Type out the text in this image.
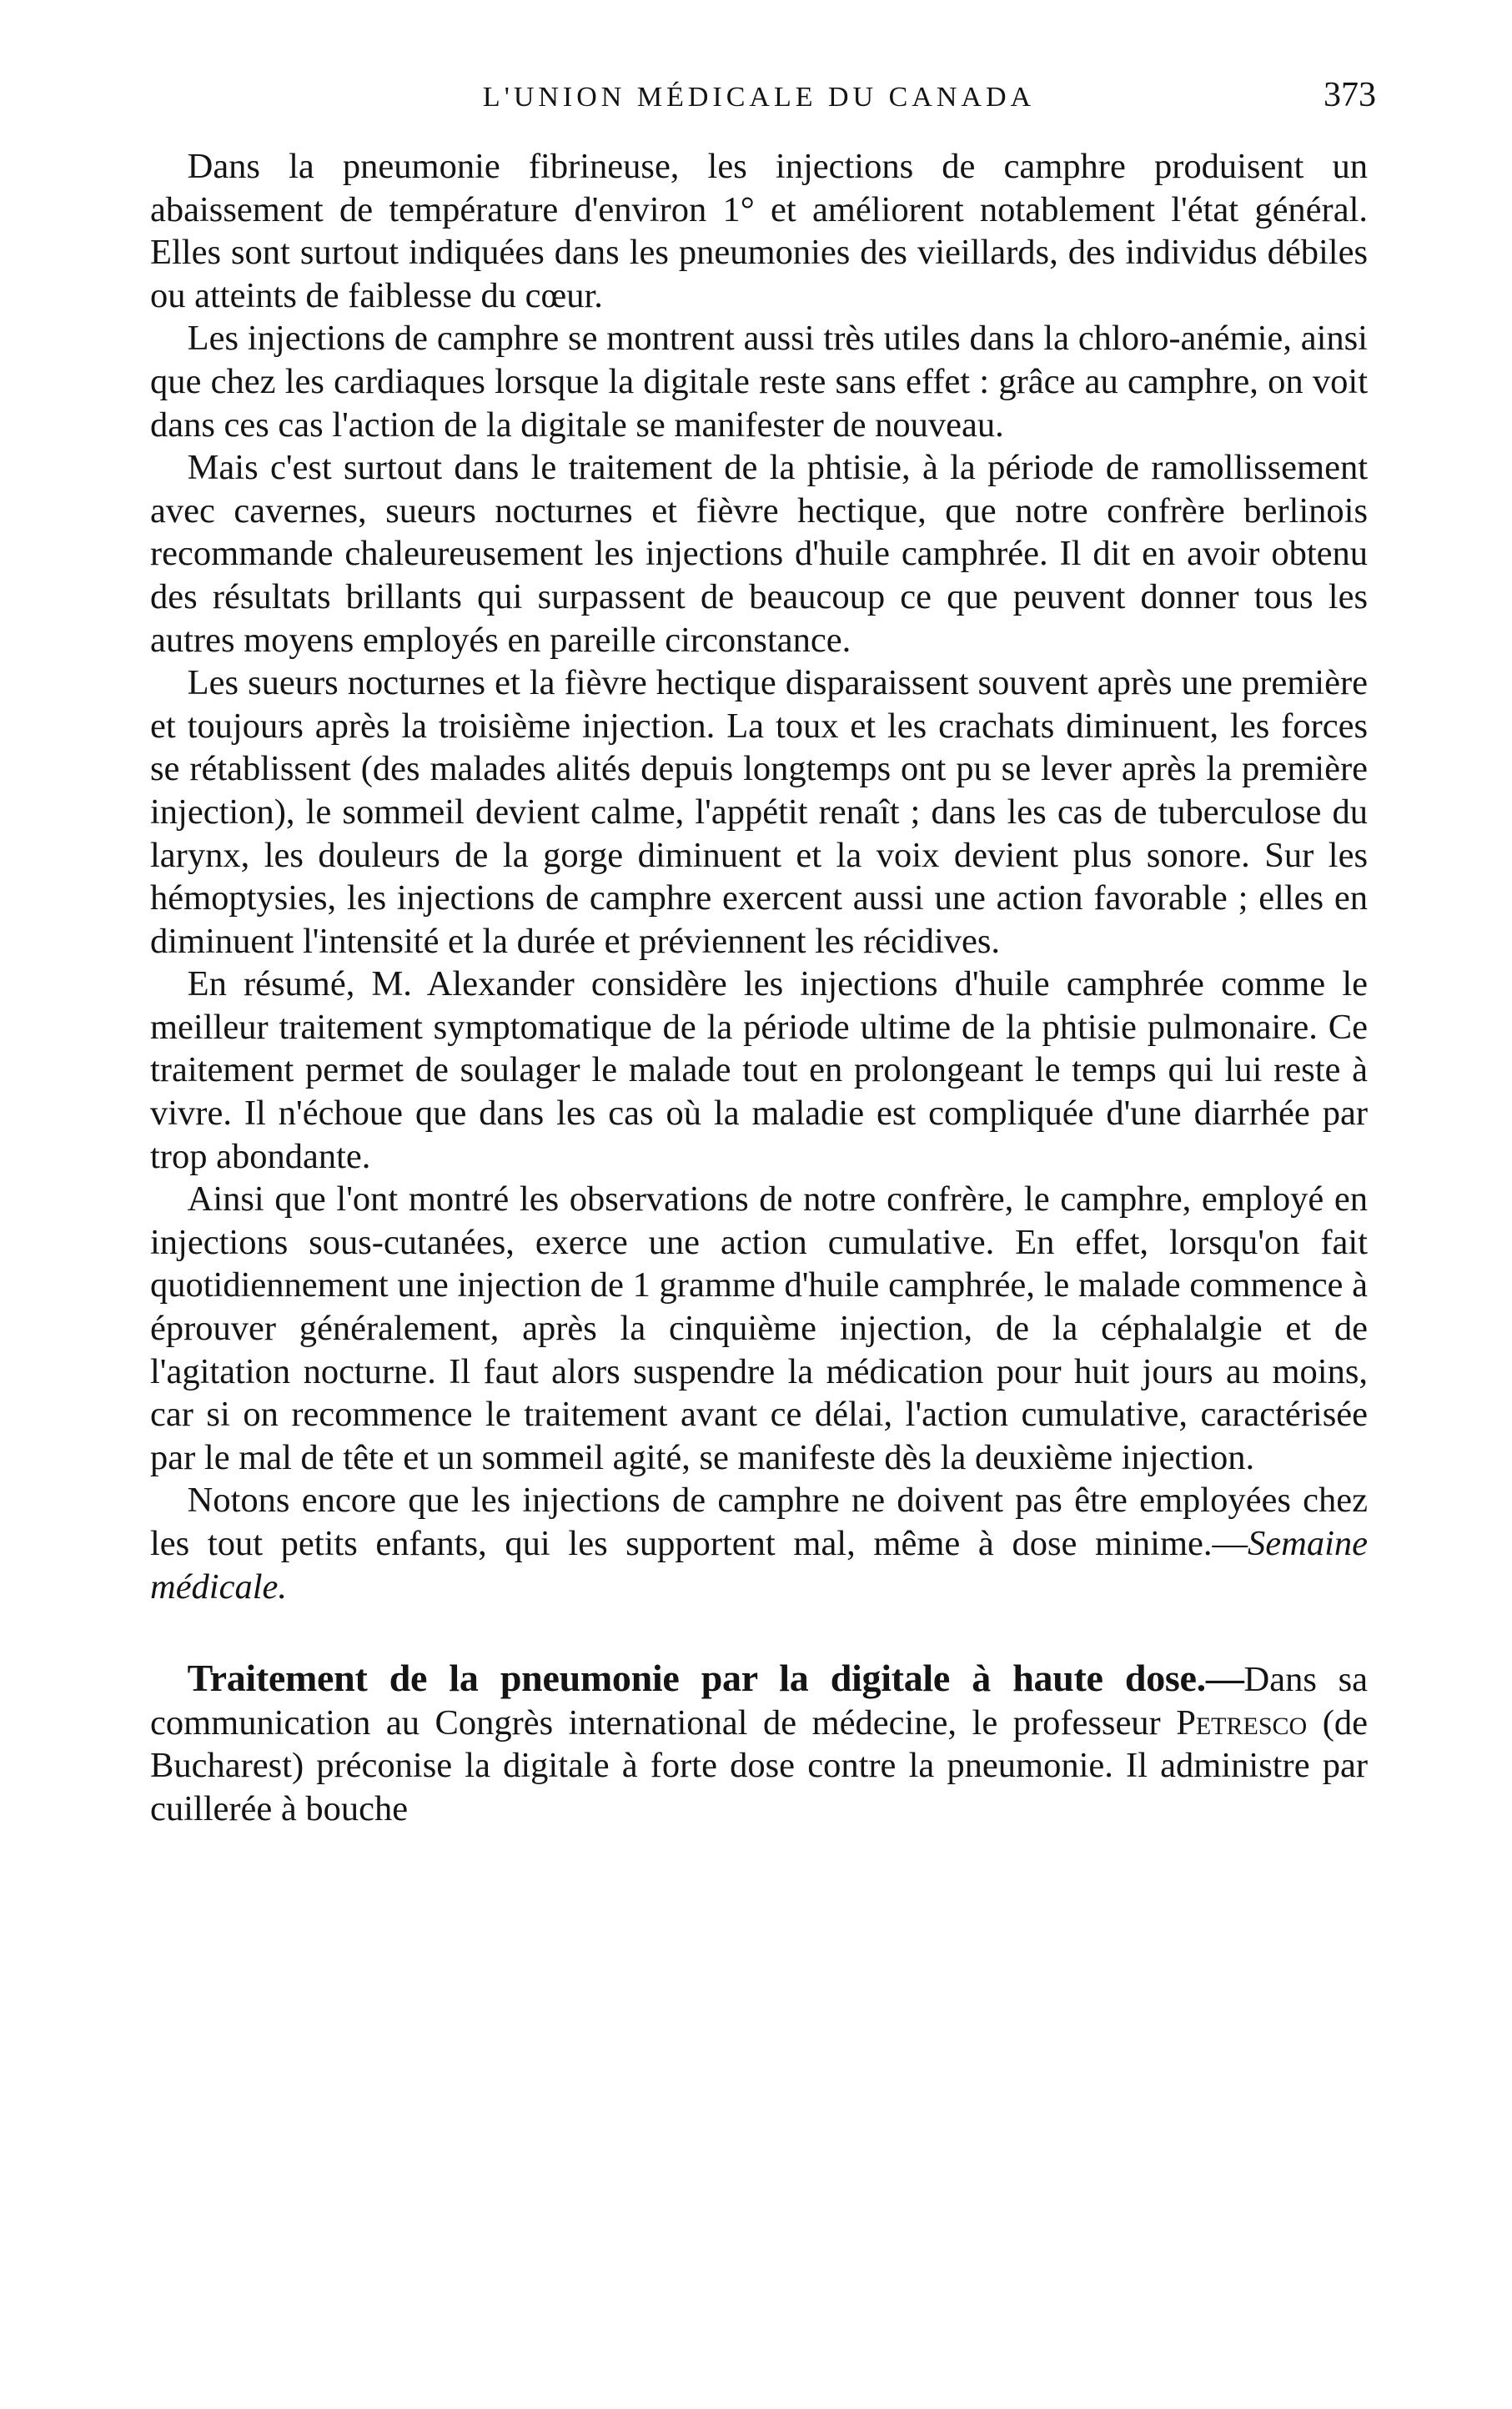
L'UNION MÉDICALE DU CANADA	373

Dans la pneumonie fibrineuse, les injections de camphre produisent un abaissement de température d'environ 1° et améliorent notablement l'état général. Elles sont surtout indiquées dans les pneumonies des vieillards, des individus débiles ou atteints de faiblesse du cœur.

Les injections de camphre se montrent aussi très utiles dans la chloro-anémie, ainsi que chez les cardiaques lorsque la digitale reste sans effet : grâce au camphre, on voit dans ces cas l'action de la digitale se manifester de nouveau.

Mais c'est surtout dans le traitement de la phtisie, à la période de ramollissement avec cavernes, sueurs nocturnes et fièvre hectique, que notre confrère berlinois recommande chaleureusement les injections d'huile camphrée. Il dit en avoir obtenu des résultats brillants qui surpassent de beaucoup ce que peuvent donner tous les autres moyens employés en pareille circonstance.

Les sueurs nocturnes et la fièvre hectique disparaissent souvent après une première et toujours après la troisième injection. La toux et les crachats diminuent, les forces se rétablissent (des malades alités depuis longtemps ont pu se lever après la première injection), le sommeil devient calme, l'appétit renaît ; dans les cas de tuberculose du larynx, les douleurs de la gorge diminuent et la voix devient plus sonore. Sur les hémoptysies, les injections de camphre exercent aussi une action favorable ; elles en diminuent l'intensité et la durée et préviennent les récidives.

En résumé, M. Alexander considère les injections d'huile camphrée comme le meilleur traitement symptomatique de la période ultime de la phtisie pulmonaire. Ce traitement permet de soulager le malade tout en prolongeant le temps qui lui reste à vivre. Il n'échoue que dans les cas où la maladie est compliquée d'une diarrhée par trop abondante.

Ainsi que l'ont montré les observations de notre confrère, le camphre, employé en injections sous-cutanées, exerce une action cumulative. En effet, lorsqu'on fait quotidiennement une injection de 1 gramme d'huile camphrée, le malade commence à éprouver généralement, après la cinquième injection, de la céphalalgie et de l'agitation nocturne. Il faut alors suspendre la médication pour huit jours au moins, car si on recommence le traitement avant ce délai, l'action cumulative, caractérisée par le mal de tête et un sommeil agité, se manifeste dès la deuxième injection.

Notons encore que les injections de camphre ne doivent pas être employées chez les tout petits enfants, qui les supportent mal, même à dose minime.—Semaine médicale.

Traitement de la pneumonie par la digitale à haute dose.—Dans sa communication au Congrès international de médecine, le professeur Petresco (de Bucharest) préconise la digitale à forte dose contre la pneumonie. Il administre par cuillerée à bouche
